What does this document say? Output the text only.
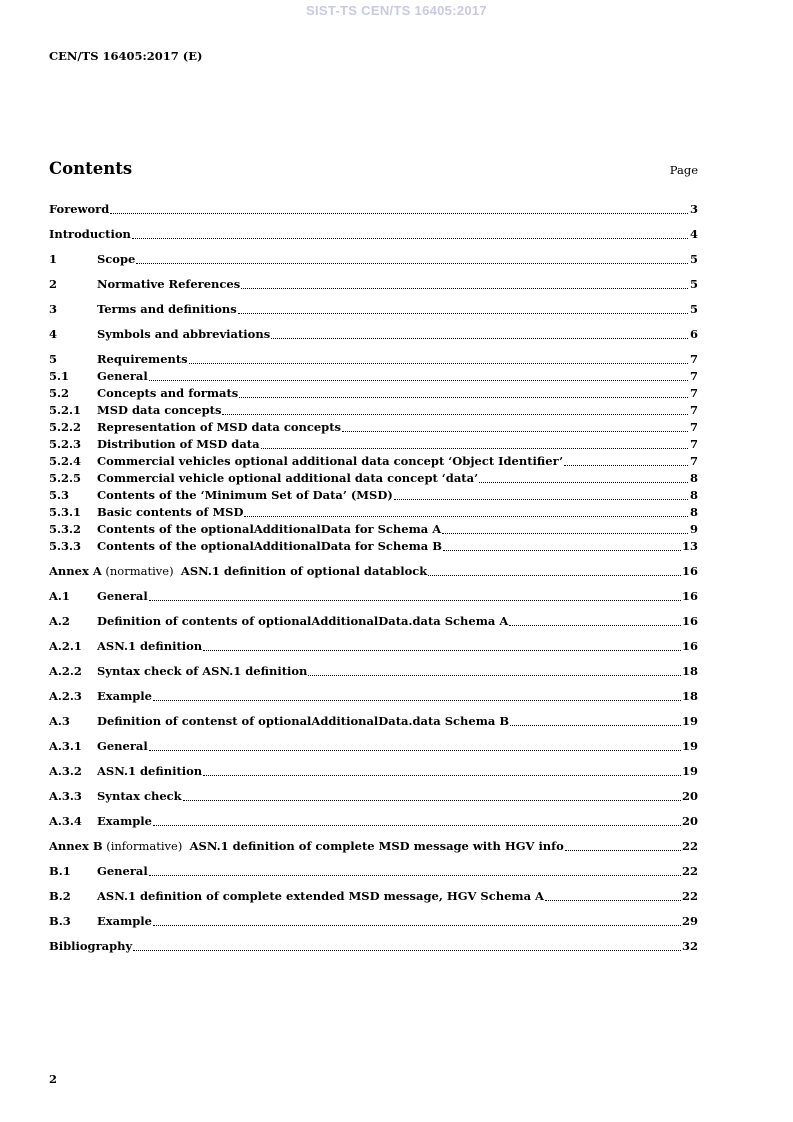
SIST-TS CEN/TS 16405:2017
CEN/TS 16405:2017 (E)
Contents	Page
Foreword	3
Introduction	4
1	Scope	5
2	Normative References	5
3	Terms and definitions	5
4	Symbols and abbreviations	6
5	Requirements	7
5.1	General	7
5.2	Concepts and formats	7
5.2.1	MSD data concepts	7
5.2.2	Representation of MSD data concepts	7
5.2.3	Distribution of MSD data	7
5.2.4	Commercial vehicles optional additional data concept ‘Object Identifier’	7
5.2.5	Commercial vehicle optional additional data concept ‘data’	8
5.3	Contents of the ‘Minimum Set of Data’ (MSD)	8
5.3.1	Basic contents of MSD	8
5.3.2	Contents of the optionalAdditionalData for Schema A	9
5.3.3	Contents of the optionalAdditionalData for Schema B	13
Annex A (normative)  ASN.1 definition of optional datablock	16
A.1	General	16
A.2	Definition of contents of optionalAdditionalData.data Schema A	16
A.2.1	ASN.1 definition	16
A.2.2	Syntax check of ASN.1 definition	18
A.2.3	Example	18
A.3	Definition of contenst of optionalAdditionalData.data Schema B	19
A.3.1	General	19
A.3.2	ASN.1 definition	19
A.3.3	Syntax check	20
A.3.4	Example	20
Annex B (informative)  ASN.1 definition of complete MSD message with HGV info	22
B.1	General	22
B.2	ASN.1 definition of complete extended MSD message, HGV Schema A	22
B.3	Example	29
Bibliography	32
2
